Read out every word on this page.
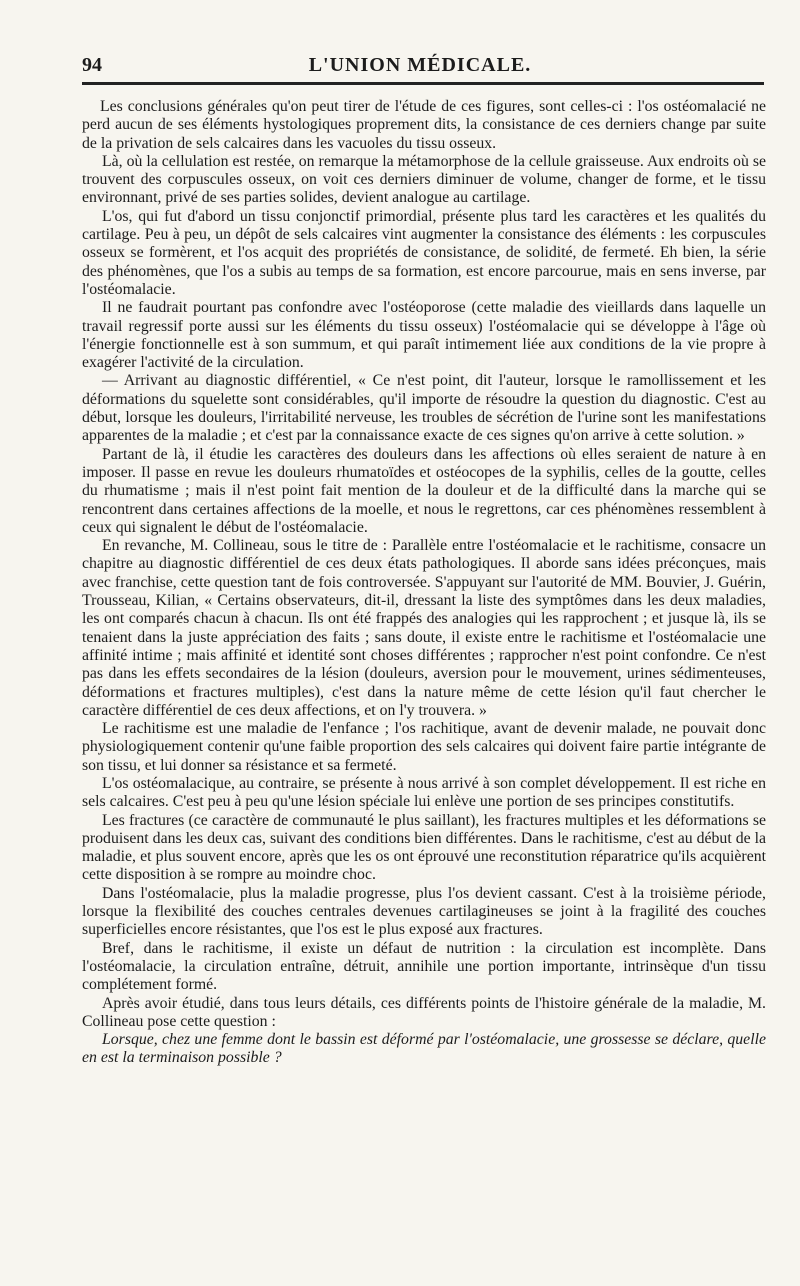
94	L'UNION MÉDICALE.

Les conclusions générales qu'on peut tirer de l'étude de ces figures, sont celles-ci : l'os ostéomalacié ne perd aucun de ses éléments hystologiques proprement dits, la consistance de ces derniers change par suite de la privation de sels calcaires dans les vacuoles du tissu osseux.

Là, où la cellulation est restée, on remarque la métamorphose de la cellule graisseuse. Aux endroits où se trouvent des corpuscules osseux, on voit ces derniers diminuer de volume, changer de forme, et le tissu environnant, privé de ses parties solides, devient analogue au cartilage.

L'os, qui fut d'abord un tissu conjonctif primordial, présente plus tard les caractères et les qualités du cartilage. Peu à peu, un dépôt de sels calcaires vint augmenter la consistance des éléments : les corpuscules osseux se formèrent, et l'os acquit des propriétés de consistance, de solidité, de fermeté. Eh bien, la série des phénomènes, que l'os a subis au temps de sa formation, est encore parcourue, mais en sens inverse, par l'ostéomalacie.

Il ne faudrait pourtant pas confondre avec l'ostéoporose (cette maladie des vieillards dans laquelle un travail regressif porte aussi sur les éléments du tissu osseux) l'ostéomalacie qui se développe à l'âge où l'énergie fonctionnelle est à son summum, et qui paraît intimement liée aux conditions de la vie propre à exagérer l'activité de la circulation.

— Arrivant au diagnostic différentiel, « Ce n'est point, dit l'auteur, lorsque le ramollissement et les déformations du squelette sont considérables, qu'il importe de résoudre la question du diagnostic. C'est au début, lorsque les douleurs, l'irritabilité nerveuse, les troubles de sécrétion de l'urine sont les manifestations apparentes de la maladie ; et c'est par la connaissance exacte de ces signes qu'on arrive à cette solution. »

Partant de là, il étudie les caractères des douleurs dans les affections où elles seraient de nature à en imposer. Il passe en revue les douleurs rhumatoïdes et ostéocopes de la syphilis, celles de la goutte, celles du rhumatisme ; mais il n'est point fait mention de la douleur et de la difficulté dans la marche qui se rencontrent dans certaines affections de la moelle, et nous le regrettons, car ces phénomènes ressemblent à ceux qui signalent le début de l'ostéomalacie.

En revanche, M. Collineau, sous le titre de : Parallèle entre l'ostéomalacie et le rachitisme, consacre un chapitre au diagnostic différentiel de ces deux états pathologiques. Il aborde sans idées préconçues, mais avec franchise, cette question tant de fois controversée. S'appuyant sur l'autorité de MM. Bouvier, J. Guérin, Trousseau, Kilian, « Certains observateurs, dit-il, dressant la liste des symptômes dans les deux maladies, les ont comparés chacun à chacun. Ils ont été frappés des analogies qui les rapprochent ; et jusque là, ils se tenaient dans la juste appréciation des faits ; sans doute, il existe entre le rachitisme et l'ostéomalacie une affinité intime ; mais affinité et identité sont choses différentes ; rapprocher n'est point confondre. Ce n'est pas dans les effets secondaires de la lésion (douleurs, aversion pour le mouvement, urines sédimenteuses, déformations et fractures multiples), c'est dans la nature même de cette lésion qu'il faut chercher le caractère différentiel de ces deux affections, et on l'y trouvera. »

Le rachitisme est une maladie de l'enfance ; l'os rachitique, avant de devenir malade, ne pouvait donc physiologiquement contenir qu'une faible proportion des sels calcaires qui doivent faire partie intégrante de son tissu, et lui donner sa résistance et sa fermeté.

L'os ostéomalacique, au contraire, se présente à nous arrivé à son complet développement. Il est riche en sels calcaires. C'est peu à peu qu'une lésion spéciale lui enlève une portion de ses principes constitutifs.

Les fractures (ce caractère de communauté le plus saillant), les fractures multiples et les déformations se produisent dans les deux cas, suivant des conditions bien différentes. Dans le rachitisme, c'est au début de la maladie, et plus souvent encore, après que les os ont éprouvé une reconstitution réparatrice qu'ils acquièrent cette disposition à se rompre au moindre choc.

Dans l'ostéomalacie, plus la maladie progresse, plus l'os devient cassant. C'est à la troisième période, lorsque la flexibilité des couches centrales devenues cartilagineuses se joint à la fragilité des couches superficielles encore résistantes, que l'os est le plus exposé aux fractures.

Bref, dans le rachitisme, il existe un défaut de nutrition : la circulation est incomplète. Dans l'ostéomalacie, la circulation entraîne, détruit, annihile une portion importante, intrinsèque d'un tissu complétement formé.

Après avoir étudié, dans tous leurs détails, ces différents points de l'histoire générale de la maladie, M. Collineau pose cette question :

Lorsque, chez une femme dont le bassin est déformé par l'ostéomalacie, une grossesse se déclare, quelle en est la terminaison possible ?
